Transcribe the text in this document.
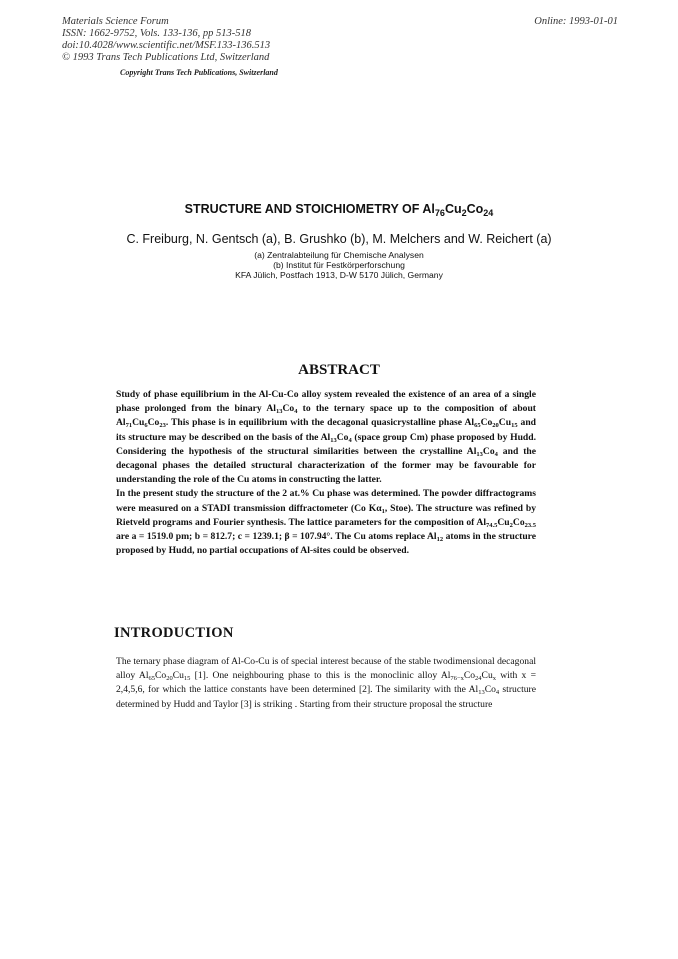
Materials Science Forum
ISSN: 1662-9752, Vols. 133-136, pp 513-518
doi:10.4028/www.scientific.net/MSF.133-136.513
© 1993 Trans Tech Publications Ltd, Switzerland
Online: 1993-01-01
Copyright Trans Tech Publications, Switzerland
STRUCTURE AND STOICHIOMETRY OF $Al_{76}Cu_2Co_{24}$
C. Freiburg, N. Gentsch (a), B. Grushko (b), M. Melchers and W. Reichert (a)
(a) Zentralabteilung für Chemische Analysen
(b) Institut für Festkörperforschung
KFA Jülich, Postfach 1913, D-W 5170 Jülich, Germany
ABSTRACT

Study of phase equilibrium in the Al-Cu-Co alloy system revealed the existence of an area of a single phase prolonged from the binary $Al_{13}Co_4$ to the ternary space up to the composition of about $Al_{71}Cu_6Co_{23}$. This phase is in equilibrium with the decagonal quasicrystalline phase $Al_{65}Co_{20}Cu_{15}$ and its structure may be described on the basis of the $Al_{13}Co_4$ (space group Cm) phase proposed by Hudd. Considering the hypothesis of the structural similarities between the crystalline $Al_{13}Co_4$ and the decagonal phases the detailed structural characterization of the former may be favourable for understanding the role of the Cu atoms in constructing the latter.

In the present study the structure of the 2 at.% Cu phase was determined. The powder diffractograms were measured on a STADI transmission diffractometer (Co $K\alpha_1$, Stoe). The structure was refined by Rietveld programs and Fourier synthesis. The lattice parameters for the composition of $Al_{74.5}Cu_2Co_{23.5}$ are a = 1519.0 pm; b = 812.7; c = 1239.1; β = 107.94°. The Cu atoms replace $Al_{12}$ atoms in the structure proposed by Hudd, no partial occupations of Al-sites could be observed.

INTRODUCTION

The ternary phase diagram of Al-Co-Cu is of special interest because of the stable twodimensional decagonal alloy $Al_{65}Co_{20}Cu_{15}$ [1]. One neighbouring phase to this is the monoclinic alloy $Al_{76-x}Co_{24}Cu_x$ with x = 2,4,5,6, for which the lattice constants have been determined [2]. The similarity with the $Al_{13}Co_4$ structure determined by Hudd and Taylor [3] is striking . Starting from their structure proposal the structure
